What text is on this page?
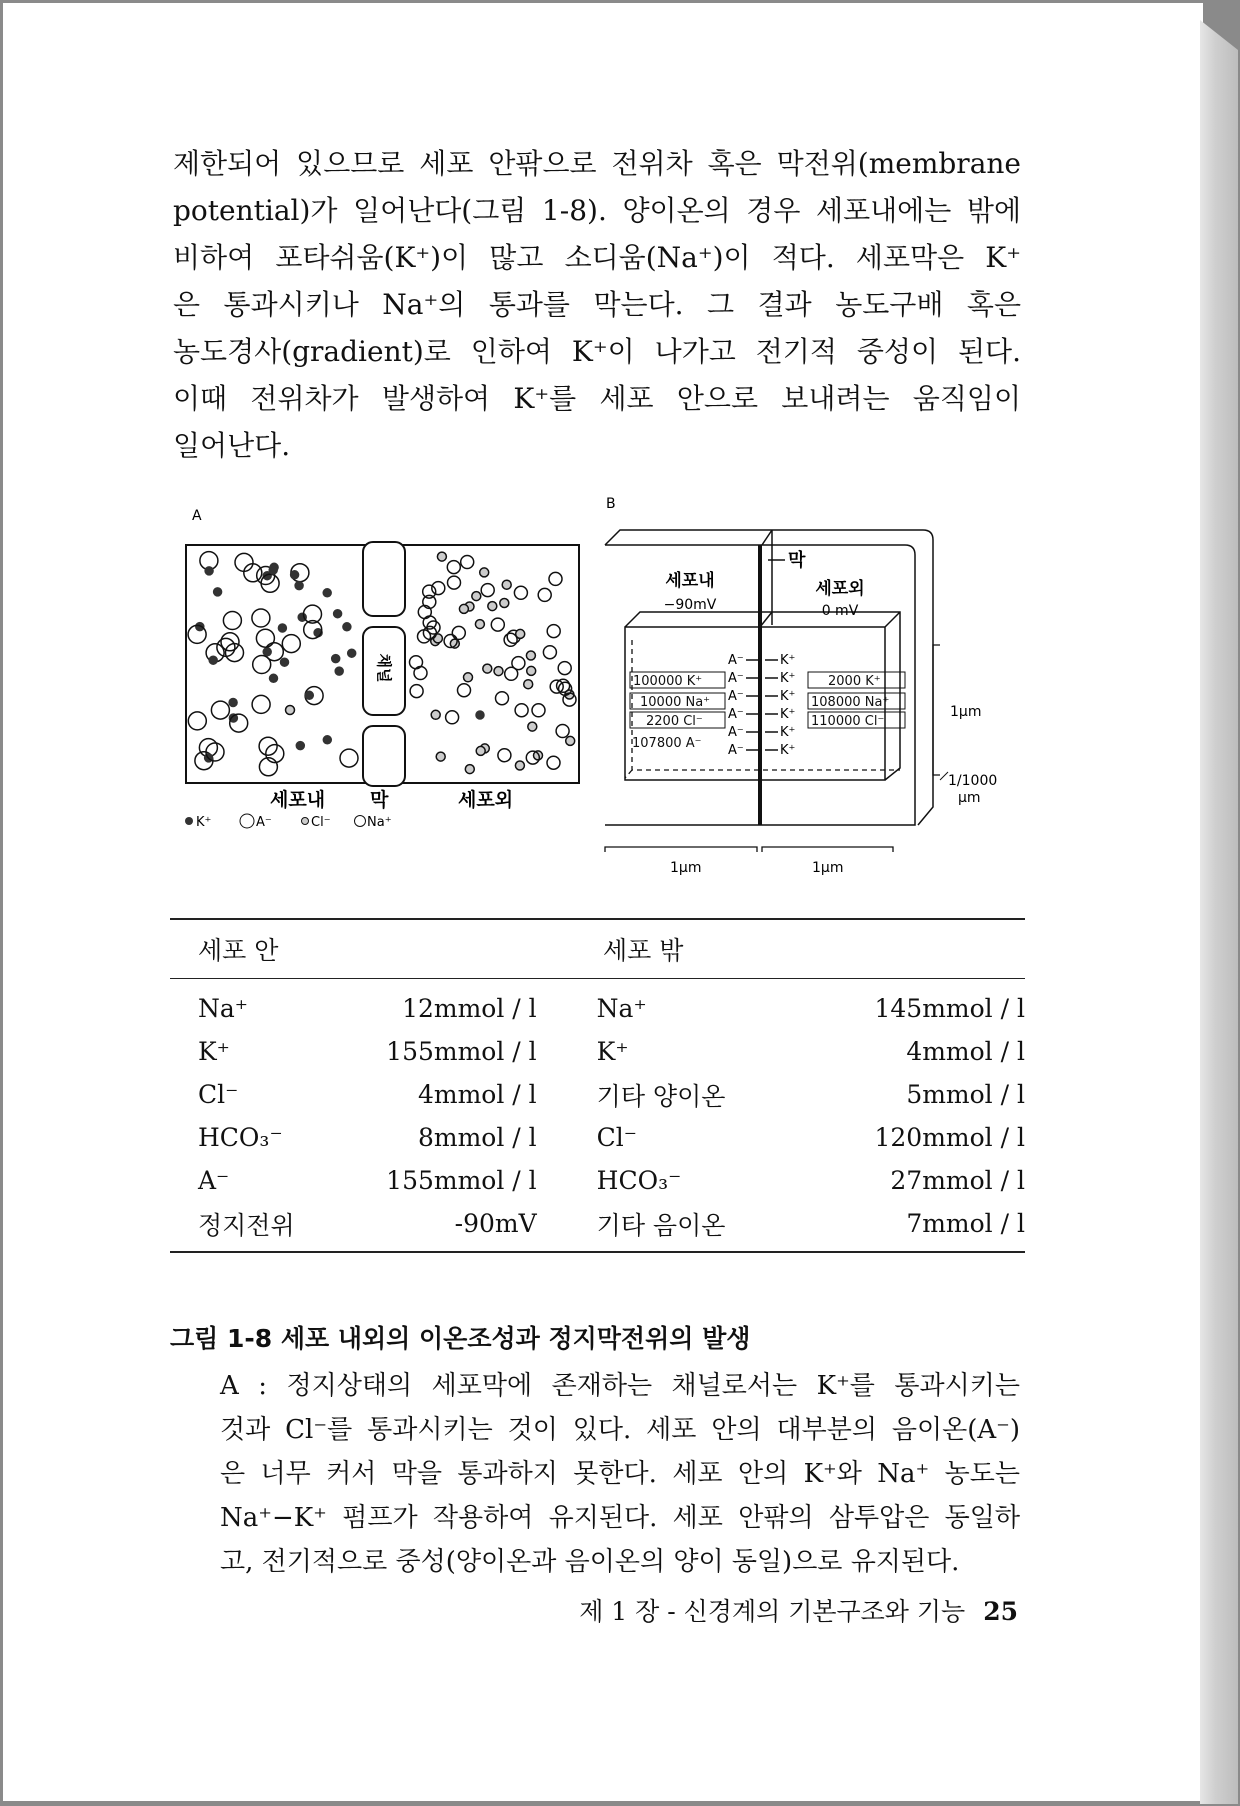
제한되어 있으므로 세포 안팎으로 전위차 혹은 막전위(membrane
potential)가 일어난다(그림 1-8). 양이온의 경우 세포내에는 밖에
비하여 포타쉬움(K⁺)이 많고 소디움(Na⁺)이 적다. 세포막은 K⁺
은 통과시키나 Na⁺의 통과를 막는다. 그 결과 농도구배 혹은
농도경사(gradient)로 인하여 K⁺이 나가고 전기적 중성이 된다.
이때 전위차가 발생하여 K⁺를 세포 안으로 보내려는 움직임이
일어난다.
A
채널
세포내 막	세포외
K⁺	A⁻	Cl⁻	Na⁺
B
막
세포내
−90mV
세포외
0 mV
100000 K⁺
10000 Na⁺
2200 Cl⁻
107800 A⁻
2000 K⁺
108000 Na⁺
110000 Cl⁻
A⁻	K⁺
A⁻	K⁺
A⁻	K⁺
A⁻	K⁺
A⁻	K⁺
A⁻	K⁺
1μm
1/1000
μm
1μm	1μm
세포 안	세포 밖
Na⁺	12mmol / l	Na⁺	145mmol / l
K⁺	155mmol / l	K⁺	4mmol / l
Cl⁻	4mmol / l	기타 양이온	5mmol / l
HCO₃⁻	8mmol / l	Cl⁻	120mmol / l
A⁻	155mmol / l	HCO₃⁻	27mmol / l
정지전위	-90mV	기타 음이온	7mmol / l
그림 1-8 세포 내외의 이온조성과 정지막전위의 발생
A : 정지상태의 세포막에 존재하는 채널로서는 K⁺를 통과시키는
것과 Cl⁻를 통과시키는 것이 있다. 세포 안의 대부분의 음이온(A⁻)
은 너무 커서 막을 통과하지 못한다. 세포 안의 K⁺와 Na⁺ 농도는
Na⁺−K⁺ 펌프가 작용하여 유지된다. 세포 안팎의 삼투압은 동일하
고, 전기적으로 중성(양이온과 음이온의 양이 동일)으로 유지된다.
제 1 장 - 신경계의 기본구조와 기능 25
